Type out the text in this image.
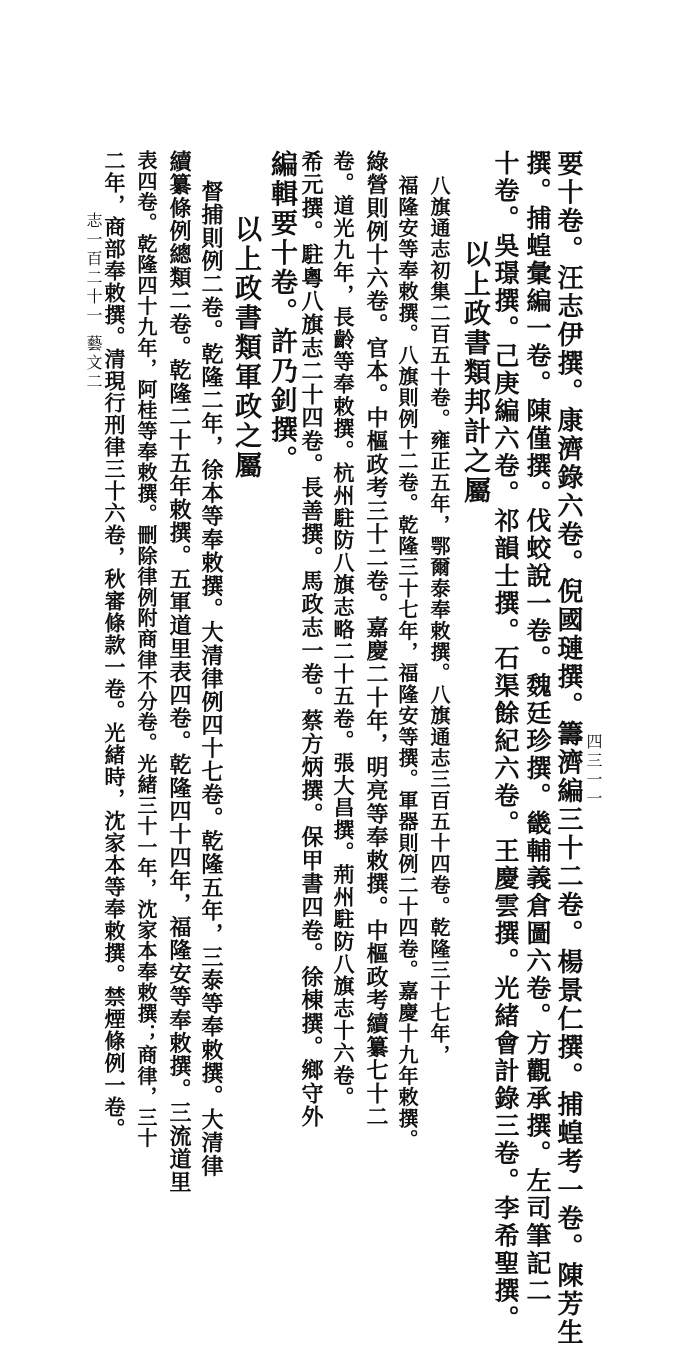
要十卷。汪志伊撰。康濟錄六卷。倪國璉撰。籌濟編三十二卷。楊景仁撰。捕蝗考一卷。陳芳生
撰。捕蝗彙編一卷。陳僅撰。伐蛟說一卷。魏廷珍撰。畿輔義倉圖六卷。方觀承撰。左司筆記二
十卷。吳璟撰。己庚編六卷。祁韻士撰。石渠餘紀六卷。王慶雲撰。光緒會計錄三卷。李希聖撰。
以上政書類邦計之屬
八旗通志初集二百五十卷。雍正五年，鄂爾泰奉敕撰。八旗通志三百五十四卷。乾隆三十七年，
福隆安等奉敕撰。八旗則例十二卷。乾隆三十七年，福隆安等撰。軍器則例二十四卷。嘉慶十九年敕撰。
綠營則例十六卷。官本。中樞政考三十二卷。嘉慶二十年，明亮等奉敕撰。中樞政考續纂七十二
卷。道光九年，長齡等奉敕撰。杭州駐防八旗志略二十五卷。張大昌撰。荊州駐防八旗志十六卷。
希元撰。駐粵八旗志二十四卷。長善撰。馬政志一卷。蔡方炳撰。保甲書四卷。徐棟撰。鄉守外
編輯要十卷。許乃釗撰。
以上政書類軍政之屬
督捕則例二卷。乾隆二年，徐本等奉敕撰。大清律例四十七卷。乾隆五年，三泰等奉敕撰。大清律
續纂條例總類二卷。乾隆二十五年敕撰。五軍道里表四卷。乾隆四十四年，福隆安等奉敕撰。三流道里
表四卷。乾隆四十九年，阿桂等奉敕撰。刪除律例附商律不分卷。光緒三十一年，沈家本奉敕撰；商律，三十
二年，商部奉敕撰。清現行刑律三十六卷，秋審條款一卷。光緒時，沈家本等奉敕撰。禁煙條例一卷。
志一百二十一
藝文二
四三一一
